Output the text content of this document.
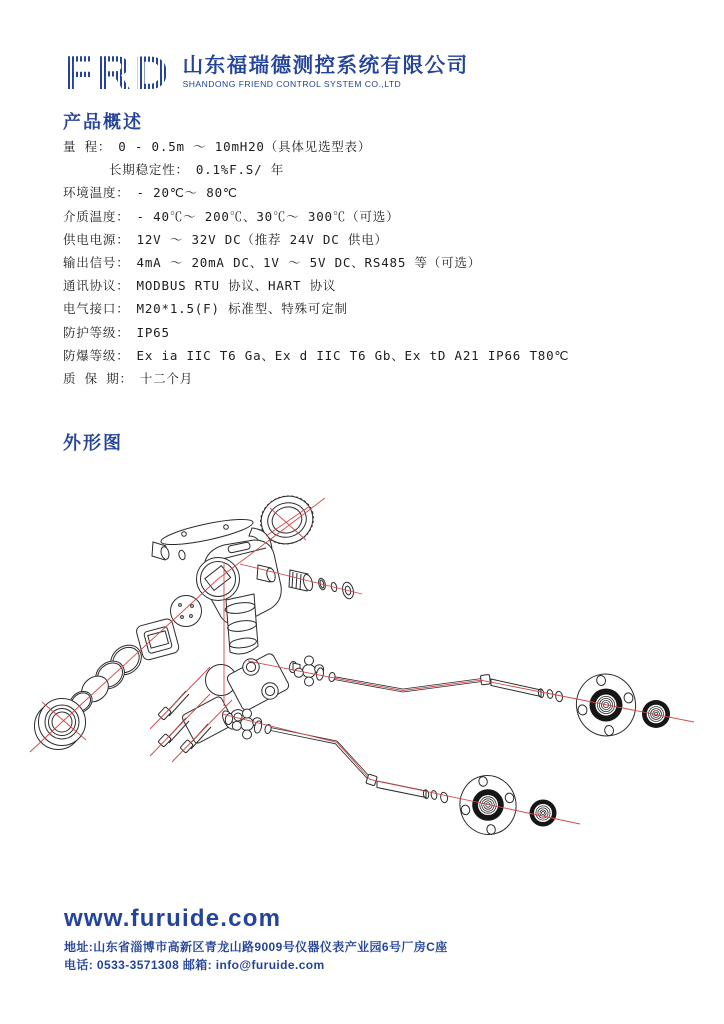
FRD 山东福瑞德测控系统有限公司
SHANDONG FRIEND CONTROL SYSTEM CO.,LTD
产品概述
量 程： 0 - 0.5m ～ 10mH20（具体见选型表）
长期稳定性： 0.1%F.S/ 年
环境温度： - 20℃～ 80℃
介质温度： - 40℃～ 200℃、30℃～ 300℃（可选）
供电电源： 12V ～ 32V DC（推荐 24V DC 供电）
输出信号： 4mA ～ 20mA DC、1V ～ 5V DC、RS485 等（可选）
通讯协议： MODBUS RTU 协议、HART 协议
电气接口： M20*1.5(F) 标准型、特殊可定制
防护等级： IP65
防爆等级： Ex ia IIC T6 Ga、Ex d IIC T6 Gb、Ex tD A21 IP66 T80℃
质 保 期： 十二个月
外形图
www.furuide.com
地址:山东省淄博市高新区青龙山路9009号仪器仪表产业园6号厂房C座
电话: 0533-3571308 邮箱: info@furuide.com
